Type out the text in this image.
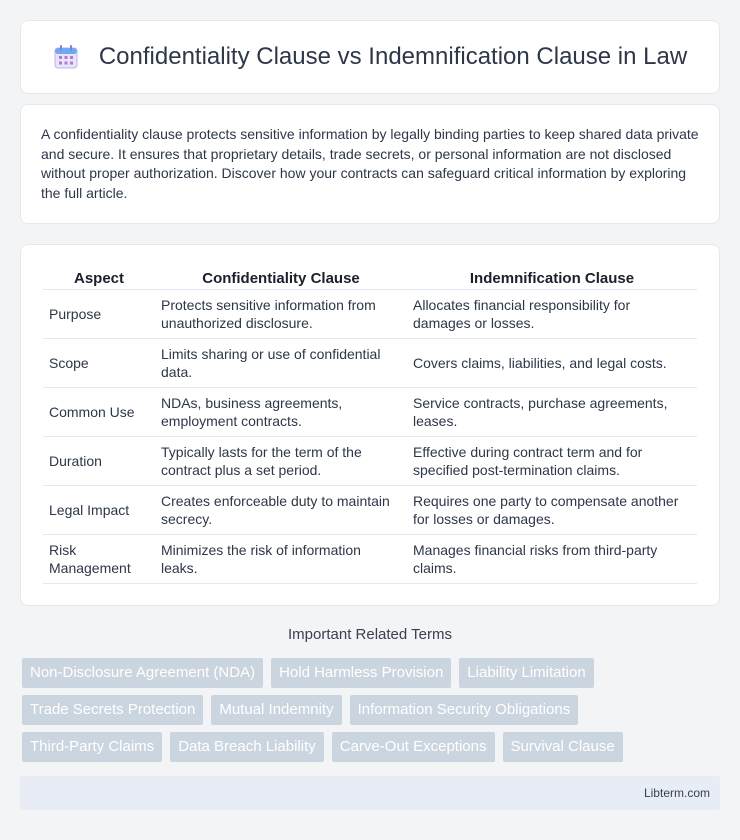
Confidentiality Clause vs Indemnification Clause in Law

A confidentiality clause protects sensitive information by legally binding parties to keep shared data private and secure. It ensures that proprietary details, trade secrets, or personal information are not disclosed without proper authorization. Discover how your contracts can safeguard critical information by exploring the full article.

Aspect	Confidentiality Clause	Indemnification Clause
Purpose	Protects sensitive information from unauthorized disclosure.	Allocates financial responsibility for damages or losses.
Scope	Limits sharing or use of confidential data.	Covers claims, liabilities, and legal costs.
Common Use	NDAs, business agreements, employment contracts.	Service contracts, purchase agreements, leases.
Duration	Typically lasts for the term of the contract plus a set period.	Effective during contract term and for specified post-termination claims.
Legal Impact	Creates enforceable duty to maintain secrecy.	Requires one party to compensate another for losses or damages.
Risk Management	Minimizes the risk of information leaks.	Manages financial risks from third-party claims.
Important Related Terms
Non-Disclosure Agreement (NDA)	Hold Harmless Provision	Liability Limitation
Trade Secrets Protection	Mutual Indemnity	Information Security Obligations
Third-Party Claims	Data Breach Liability	Carve-Out Exceptions	Survival Clause
Libterm.com
